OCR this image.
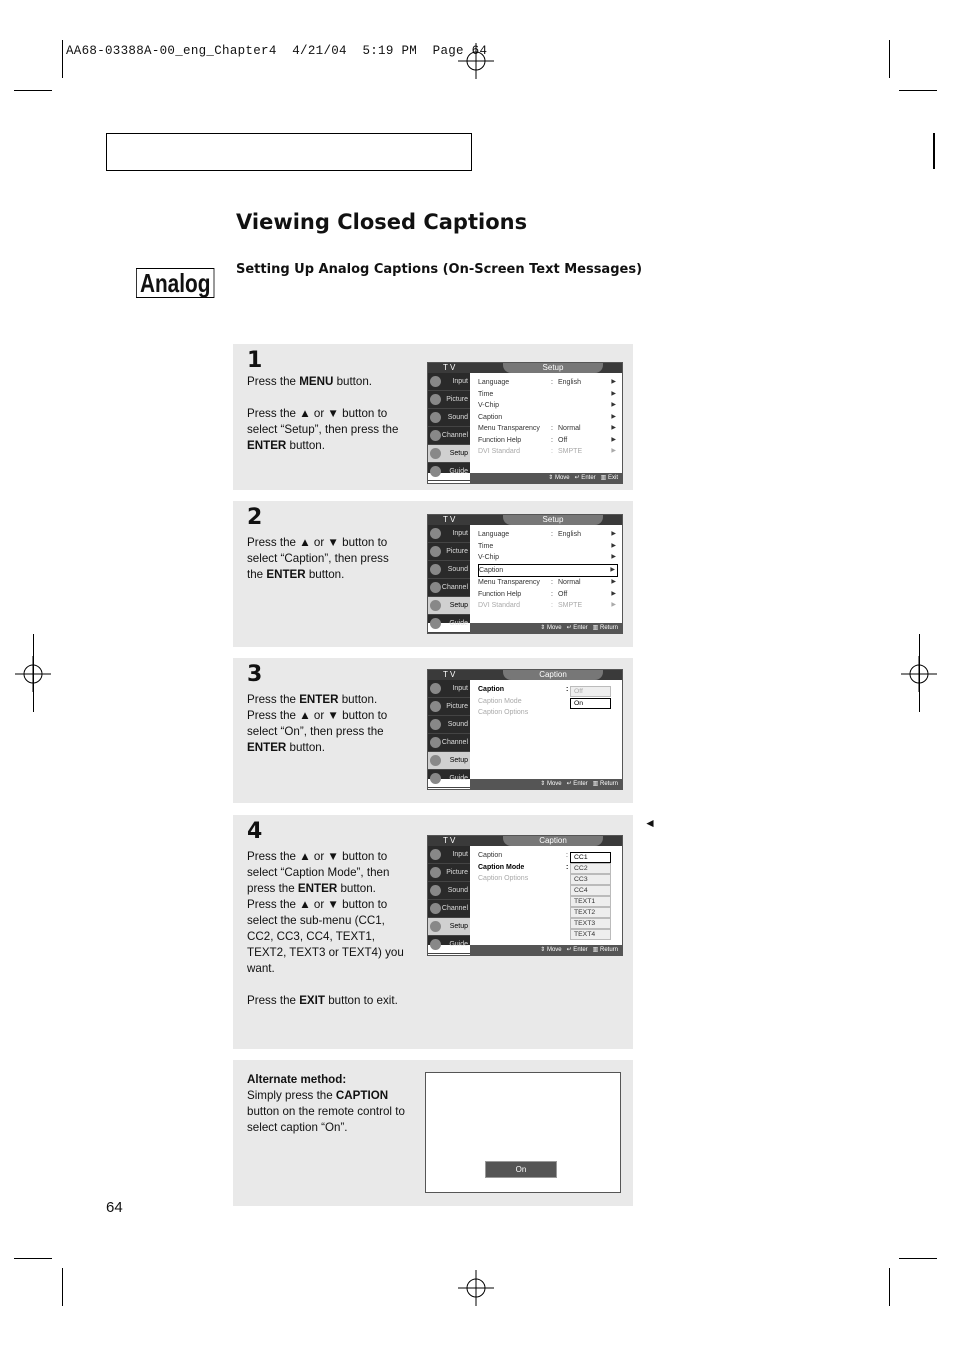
AA68-03388A-00_eng_Chapter4  4/21/04  5:19 PM  Page 64
Viewing Closed Captions
Setting Up Analog Captions (On-Screen Text Messages)
Analog
1
Press the MENU button.

Press the ▲ or ▼ button to select “Setup”, then press the ENTER button.
T V	Setup
Input
Picture
Sound
Channel
Setup
Guide
Language	: English	▶
Time	▶
V-Chip	▶
Caption	▶
Menu Transparency : Normal	▶
Function Help	: Off	▶
DVI Standard	: SMPTE	▶
⇕ Move   ↵ Enter   ▥ Exit
2
Press the ▲ or ▼ button to select “Caption”, then press the ENTER button.
T V	Setup
Input
Picture
Sound
Channel
Setup
Guide
Language	: English	▶
Time	▶
V-Chip	▶
Caption	▶
Menu Transparency : Normal	▶
Function Help	: Off	▶
DVI Standard	: SMPTE	▶
⇕ Move   ↵ Enter   ▥ Return
3
Press the ENTER button. Press the ▲ or ▼ button to select “On”, then press the ENTER button.
T V	Caption
Input
Picture
Sound
Channel
Setup
Guide
Caption	:
Caption Mode
Caption Options
Off
On
⇕ Move   ↵ Enter   ▥ Return
4
Press the ▲ or ▼ button to select “Caption Mode”, then press the ENTER button.
Press the ▲ or ▼ button to select the sub-menu (CC1, CC2, CC3, CC4, TEXT1, TEXT2, TEXT3 or TEXT4) you want.

Press the EXIT button to exit.
T V	Caption
Input
Picture
Sound
Channel
Setup
Guide
Caption	:
Caption Mode	:
Caption Options
CC1
CC2
CC3
CC4
TEXT1
TEXT2
TEXT3
TEXT4
⇕ Move   ↵ Enter   ▥ Return
◄
Alternate method:
Simply press the CAPTION button on the remote control to select caption “On”.
On
64
